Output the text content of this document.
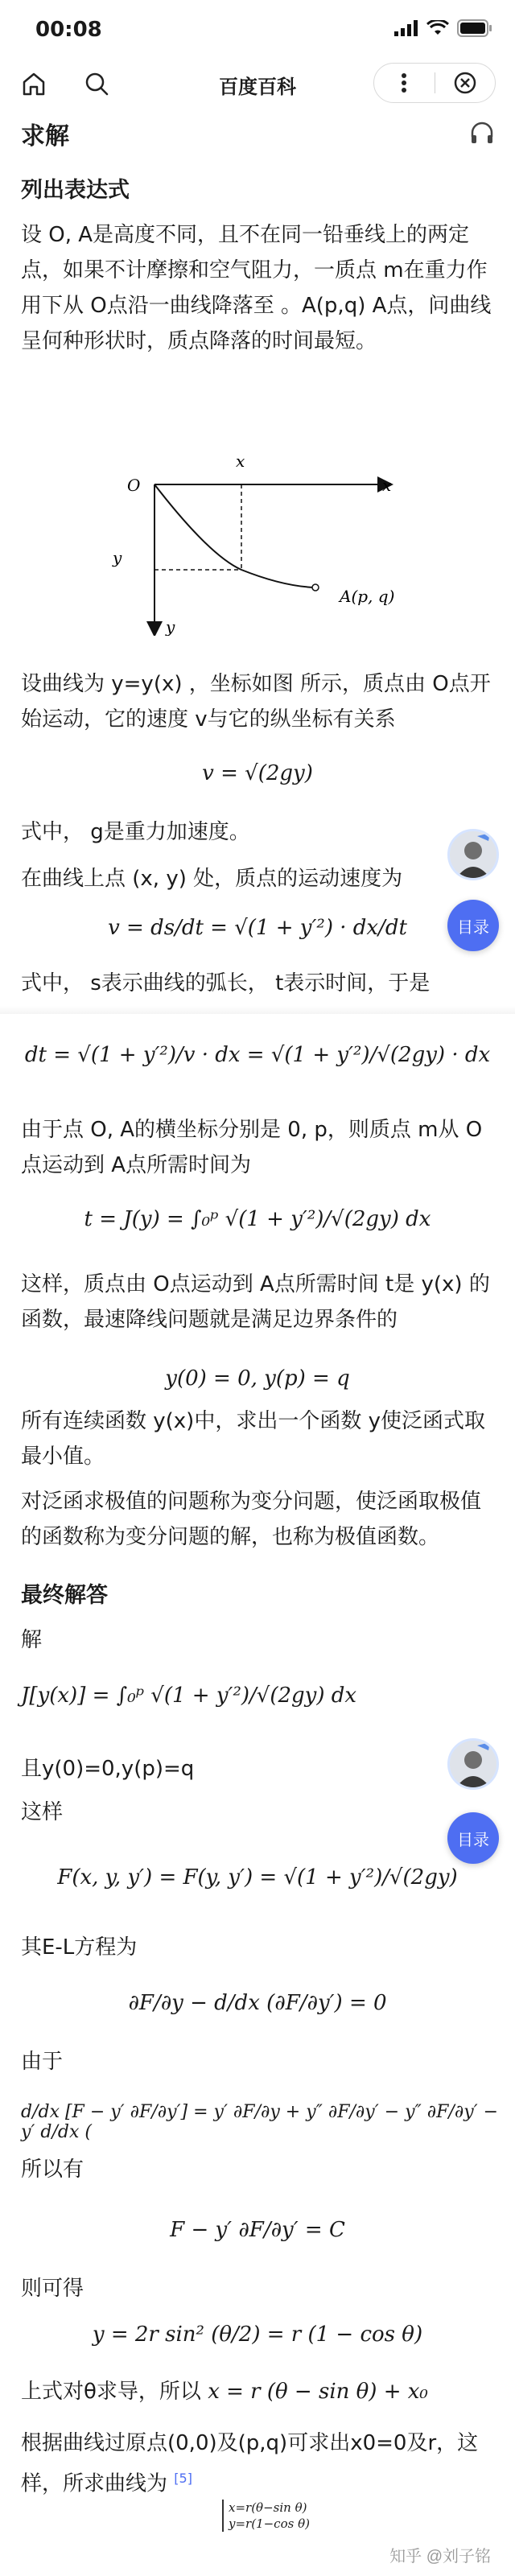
00:08
百度百科
求解
列出表达式
设 O, A是高度不同，且不在同一铅垂线上的两定点，如果不计摩擦和空气阻力，一质点 m在重力作用下从 O点沿一曲线降落至 。A(p,q) A点，问曲线呈何种形状时，质点降落的时间最短。
O
x
x
y
y
A(p, q)
设曲线为 y=y(x) ，坐标如图 所示，质点由 O点开始运动，它的速度 v与它的纵坐标有关系
v = √(2gy)
式中， g是重力加速度。
在曲线上点 (x, y) 处，质点的运动速度为
v = ds/dt = √(1 + y′²) · dx/dt
式中， s表示曲线的弧长， t表示时间，于是
dt = √(1 + y′²)/v · dx = √(1 + y′²)/√(2gy) · dx
由于点 O, A的横坐标分别是 0, p，则质点 m从 O点运动到 A点所需时间为
t = J(y) = ∫₀ᵖ √(1 + y′²)/√(2gy) dx
这样，质点由 O点运动到 A点所需时间 t是 y(x) 的函数，最速降线问题就是满足边界条件的
y(0) = 0, y(p) = q
所有连续函数 y(x)中，求出一个函数 y使泛函式取最小值。
对泛函求极值的问题称为变分问题，使泛函取极值的函数称为变分问题的解，也称为极值函数。
最终解答
解
J[y(x)] = ∫₀ᵖ √(1 + y′²)/√(2gy) dx
且y(0)=0,y(p)=q
这样
F(x, y, y′) = F(y, y′) = √(1 + y′²)/√(2gy)
其E-L方程为
∂F/∂y − d/dx (∂F/∂y′) = 0
由于
d/dx [F − y′ ∂F/∂y′] = y′ ∂F/∂y + y″ ∂F/∂y′ − y″ ∂F/∂y′ − y′ d/dx (
所以有
F − y′ ∂F/∂y′ = C
则可得
y = 2r sin² (θ/2) = r (1 − cos θ)
上式对θ求导，所以 x = r (θ − sin θ) + x₀
根据曲线过原点(0,0)及(p,q)可求出x0=0及r，这样，所求曲线为 [5]
x=r(θ−sin θ)
y=r(1−cos θ)
目录
目录
知乎 @刘子铭
